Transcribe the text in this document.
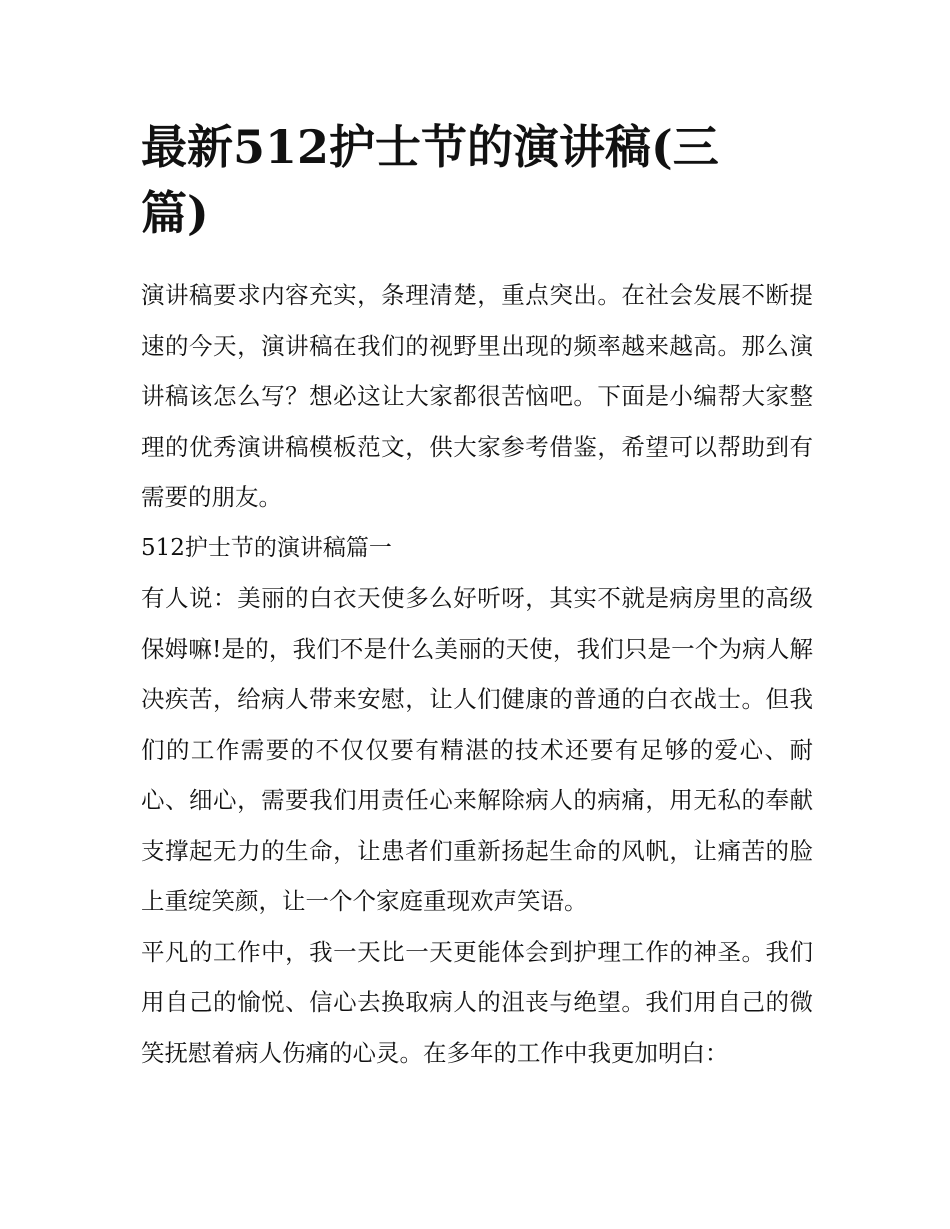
最新512护士节的演讲稿(三篇)

演讲稿要求内容充实，条理清楚，重点突出。在社会发展不断提速的今天，演讲稿在我们的视野里出现的频率越来越高。那么演讲稿该怎么写？想必这让大家都很苦恼吧。下面是小编帮大家整理的优秀演讲稿模板范文，供大家参考借鉴，希望可以帮助到有需要的朋友。

512护士节的演讲稿篇一

有人说：美丽的白衣天使多么好听呀，其实不就是病房里的高级保姆嘛!是的，我们不是什么美丽的天使，我们只是一个为病人解决疾苦，给病人带来安慰，让人们健康的普通的白衣战士。但我们的工作需要的不仅仅要有精湛的技术还要有足够的爱心、耐心、细心，需要我们用责任心来解除病人的病痛，用无私的奉献支撑起无力的生命，让患者们重新扬起生命的风帆，让痛苦的脸上重绽笑颜，让一个个家庭重现欢声笑语。

平凡的工作中，我一天比一天更能体会到护理工作的神圣。我们用自己的愉悦、信心去换取病人的沮丧与绝望。我们用自己的微笑抚慰着病人伤痛的心灵。在多年的工作中我更加明白：
